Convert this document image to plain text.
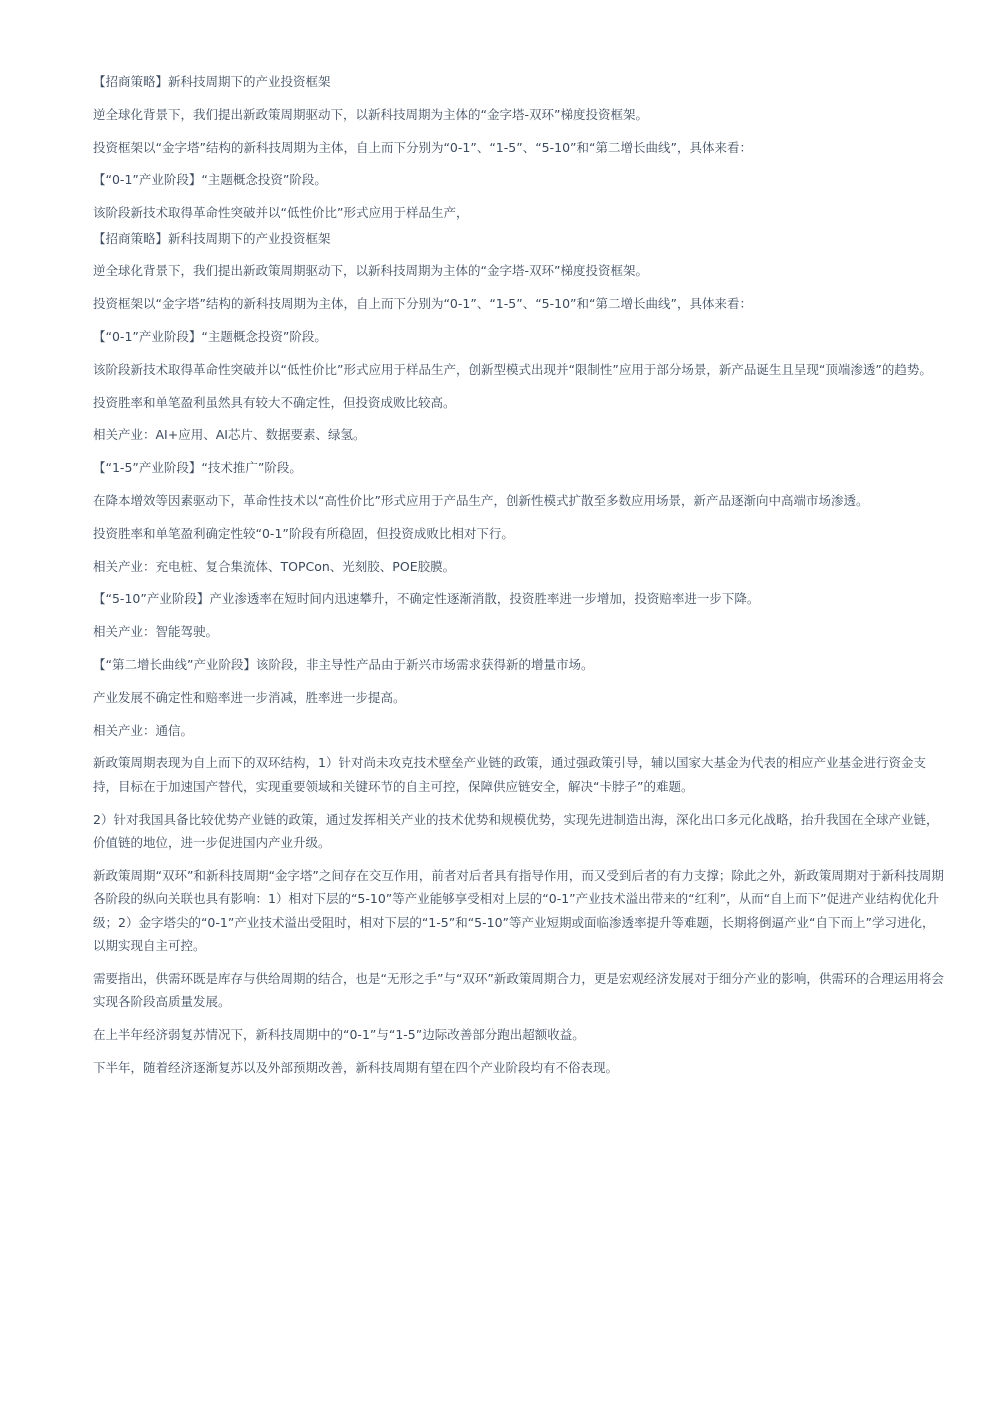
【招商策略】新科技周期下的产业投资框架

逆全球化背景下，我们提出新政策周期驱动下，以新科技周期为主体的“金字塔-双环”梯度投资框架。

投资框架以“金字塔”结构的新科技周期为主体，自上而下分别为“0-1”、“1-5”、“5-10”和“第二增长曲线”，具体来看：

【“0-1”产业阶段】“主题概念投资”阶段。

该阶段新技术取得革命性突破并以“低性价比”形式应用于样品生产，

【招商策略】新科技周期下的产业投资框架

逆全球化背景下，我们提出新政策周期驱动下，以新科技周期为主体的“金字塔-双环”梯度投资框架。

投资框架以“金字塔”结构的新科技周期为主体，自上而下分别为“0-1”、“1-5”、“5-10”和“第二增长曲线”，具体来看：

【“0-1”产业阶段】“主题概念投资”阶段。

该阶段新技术取得革命性突破并以“低性价比”形式应用于样品生产，创新型模式出现并“限制性”应用于部分场景，新产品诞生且呈现“顶端渗透”的趋势。

投资胜率和单笔盈利虽然具有较大不确定性，但投资成败比较高。

相关产业：AI+应用、AI芯片、数据要素、绿氢。

【“1-5”产业阶段】“技术推广”阶段。

在降本增效等因素驱动下，革命性技术以“高性价比”形式应用于产品生产，创新性模式扩散至多数应用场景，新产品逐渐向中高端市场渗透。

投资胜率和单笔盈利确定性较“0-1”阶段有所稳固，但投资成败比相对下行。

相关产业：充电桩、复合集流体、TOPCon、光刻胶、POE胶膜。

【“5-10”产业阶段】产业渗透率在短时间内迅速攀升，不确定性逐渐消散，投资胜率进一步增加，投资赔率进一步下降。

相关产业：智能驾驶。

【“第二增长曲线”产业阶段】该阶段，非主导性产品由于新兴市场需求获得新的增量市场。

产业发展不确定性和赔率进一步消减，胜率进一步提高。

相关产业：通信。

新政策周期表现为自上而下的双环结构，1）针对尚未攻克技术壁垒产业链的政策，通过强政策引导，辅以国家大基金为代表的相应产业基金进行资金支持，目标在于加速国产替代，实现重要领域和关键环节的自主可控，保障供应链安全，解决“卡脖子”的难题。

2）针对我国具备比较优势产业链的政策，通过发挥相关产业的技术优势和规模优势，实现先进制造出海，深化出口多元化战略，抬升我国在全球产业链，价值链的地位，进一步促进国内产业升级。

新政策周期“双环”和新科技周期“金字塔”之间存在交互作用，前者对后者具有指导作用，而又受到后者的有力支撑；除此之外，新政策周期对于新科技周期各阶段的纵向关联也具有影响：1）相对下层的“5-10”等产业能够享受相对上层的“0-1”产业技术溢出带来的“红利”，从而“自上而下”促进产业结构优化升级；2）金字塔尖的“0-1”产业技术溢出受阻时，相对下层的“1-5”和“5-10”等产业短期或面临渗透率提升等难题，长期将倒逼产业“自下而上”学习进化，以期实现自主可控。

需要指出，供需环既是库存与供给周期的结合，也是“无形之手”与“双环”新政策周期合力，更是宏观经济发展对于细分产业的影响，供需环的合理运用将会实现各阶段高质量发展。

在上半年经济弱复苏情况下，新科技周期中的“0-1”与“1-5”边际改善部分跑出超额收益。

下半年，随着经济逐渐复苏以及外部预期改善，新科技周期有望在四个产业阶段均有不俗表现。
